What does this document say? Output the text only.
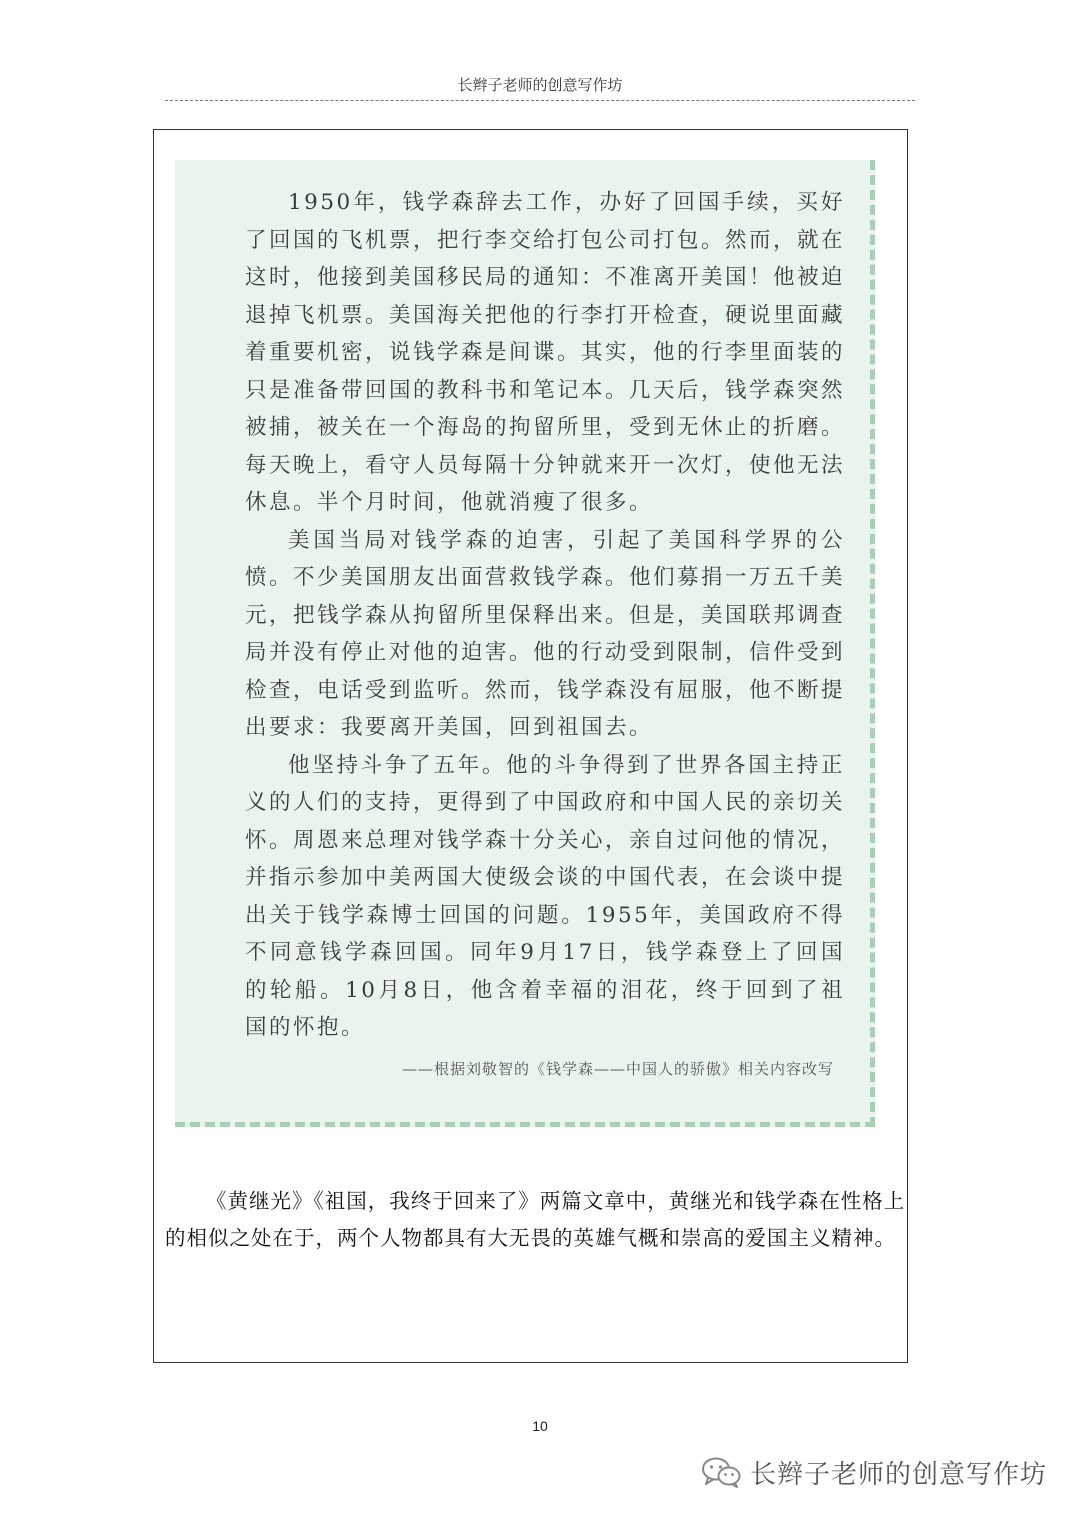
长辫子老师的创意写作坊

1950年，钱学森辞去工作，办好了回国手续，买好了回国的飞机票，把行李交给打包公司打包。然而，就在这时，他接到美国移民局的通知：不准离开美国！他被迫退掉飞机票。美国海关把他的行李打开检查，硬说里面藏着重要机密，说钱学森是间谍。其实，他的行李里面装的只是准备带回国的教科书和笔记本。几天后，钱学森突然被捕，被关在一个海岛的拘留所里，受到无休止的折磨。每天晚上，看守人员每隔十分钟就来开一次灯，使他无法休息。半个月时间，他就消瘦了很多。

美国当局对钱学森的迫害，引起了美国科学界的公愤。不少美国朋友出面营救钱学森。他们募捐一万五千美元，把钱学森从拘留所里保释出来。但是，美国联邦调查局并没有停止对他的迫害。他的行动受到限制，信件受到检查，电话受到监听。然而，钱学森没有屈服，他不断提出要求：我要离开美国，回到祖国去。

他坚持斗争了五年。他的斗争得到了世界各国主持正义的人们的支持，更得到了中国政府和中国人民的亲切关怀。周恩来总理对钱学森十分关心，亲自过问他的情况，并指示参加中美两国大使级会谈的中国代表，在会谈中提出关于钱学森博士回国的问题。1955年，美国政府不得不同意钱学森回国。同年9月17日，钱学森登上了回国的轮船。10月8日，他含着幸福的泪花，终于回到了祖国的怀抱。

——根据刘敬智的《钱学森——中国人的骄傲》相关内容改写

《黄继光》《祖国，我终于回来了》两篇文章中，黄继光和钱学森在性格上的相似之处在于，两个人物都具有大无畏的英雄气概和崇高的爱国主义精神。

10
长辫子老师的创意写作坊
